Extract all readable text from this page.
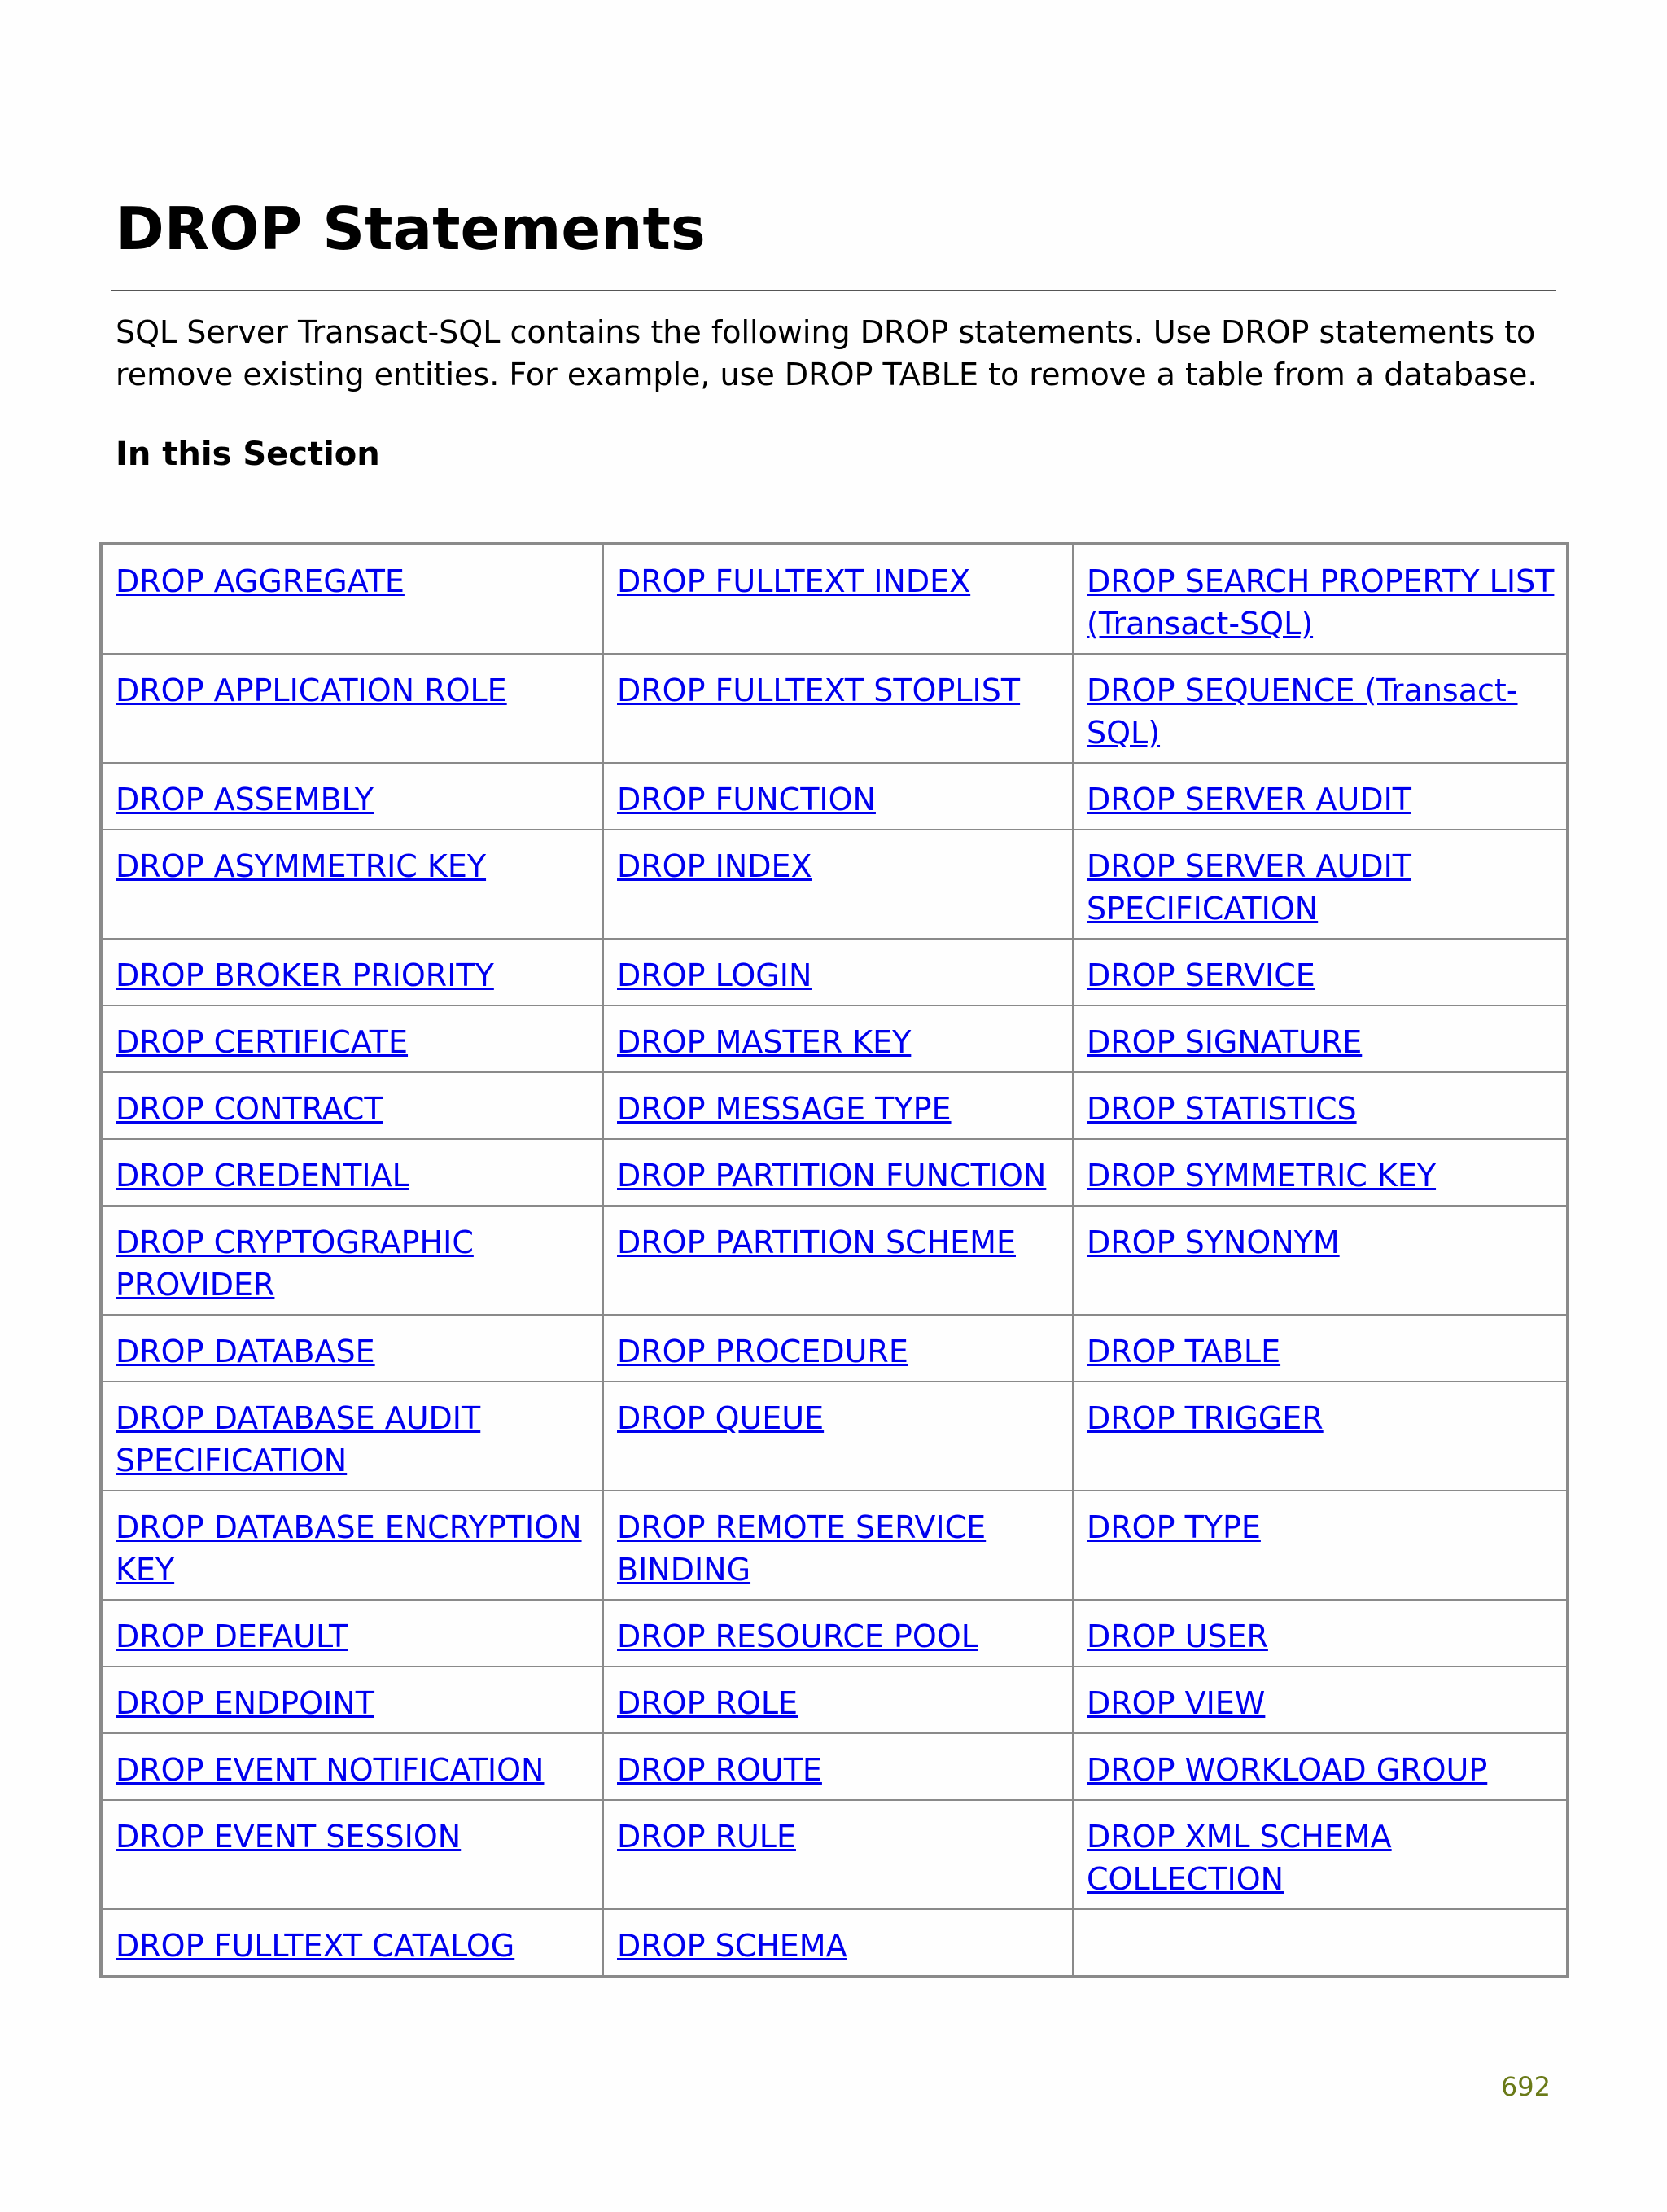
DROP Statements

SQL Server Transact-SQL contains the following DROP statements. Use DROP statements to remove existing entities. For example, use DROP TABLE to remove a table from a database.

In this Section
DROP AGGREGATE	DROP FULLTEXT INDEX	DROP SEARCH PROPERTY LIST (Transact-SQL)
DROP APPLICATION ROLE	DROP FULLTEXT STOPLIST	DROP SEQUENCE (Transact-SQL)
DROP ASSEMBLY	DROP FUNCTION	DROP SERVER AUDIT
DROP ASYMMETRIC KEY	DROP INDEX	DROP SERVER AUDIT SPECIFICATION
DROP BROKER PRIORITY	DROP LOGIN	DROP SERVICE
DROP CERTIFICATE	DROP MASTER KEY	DROP SIGNATURE
DROP CONTRACT	DROP MESSAGE TYPE	DROP STATISTICS
DROP CREDENTIAL	DROP PARTITION FUNCTION	DROP SYMMETRIC KEY
DROP CRYPTOGRAPHIC PROVIDER	DROP PARTITION SCHEME	DROP SYNONYM
DROP DATABASE	DROP PROCEDURE	DROP TABLE
DROP DATABASE AUDIT SPECIFICATION	DROP QUEUE	DROP TRIGGER
DROP DATABASE ENCRYPTION KEY	DROP REMOTE SERVICE BINDING	DROP TYPE
DROP DEFAULT	DROP RESOURCE POOL	DROP USER
DROP ENDPOINT	DROP ROLE	DROP VIEW
DROP EVENT NOTIFICATION	DROP ROUTE	DROP WORKLOAD GROUP
DROP EVENT SESSION	DROP RULE	DROP XML SCHEMA COLLECTION
DROP FULLTEXT CATALOG	DROP SCHEMA	
692
